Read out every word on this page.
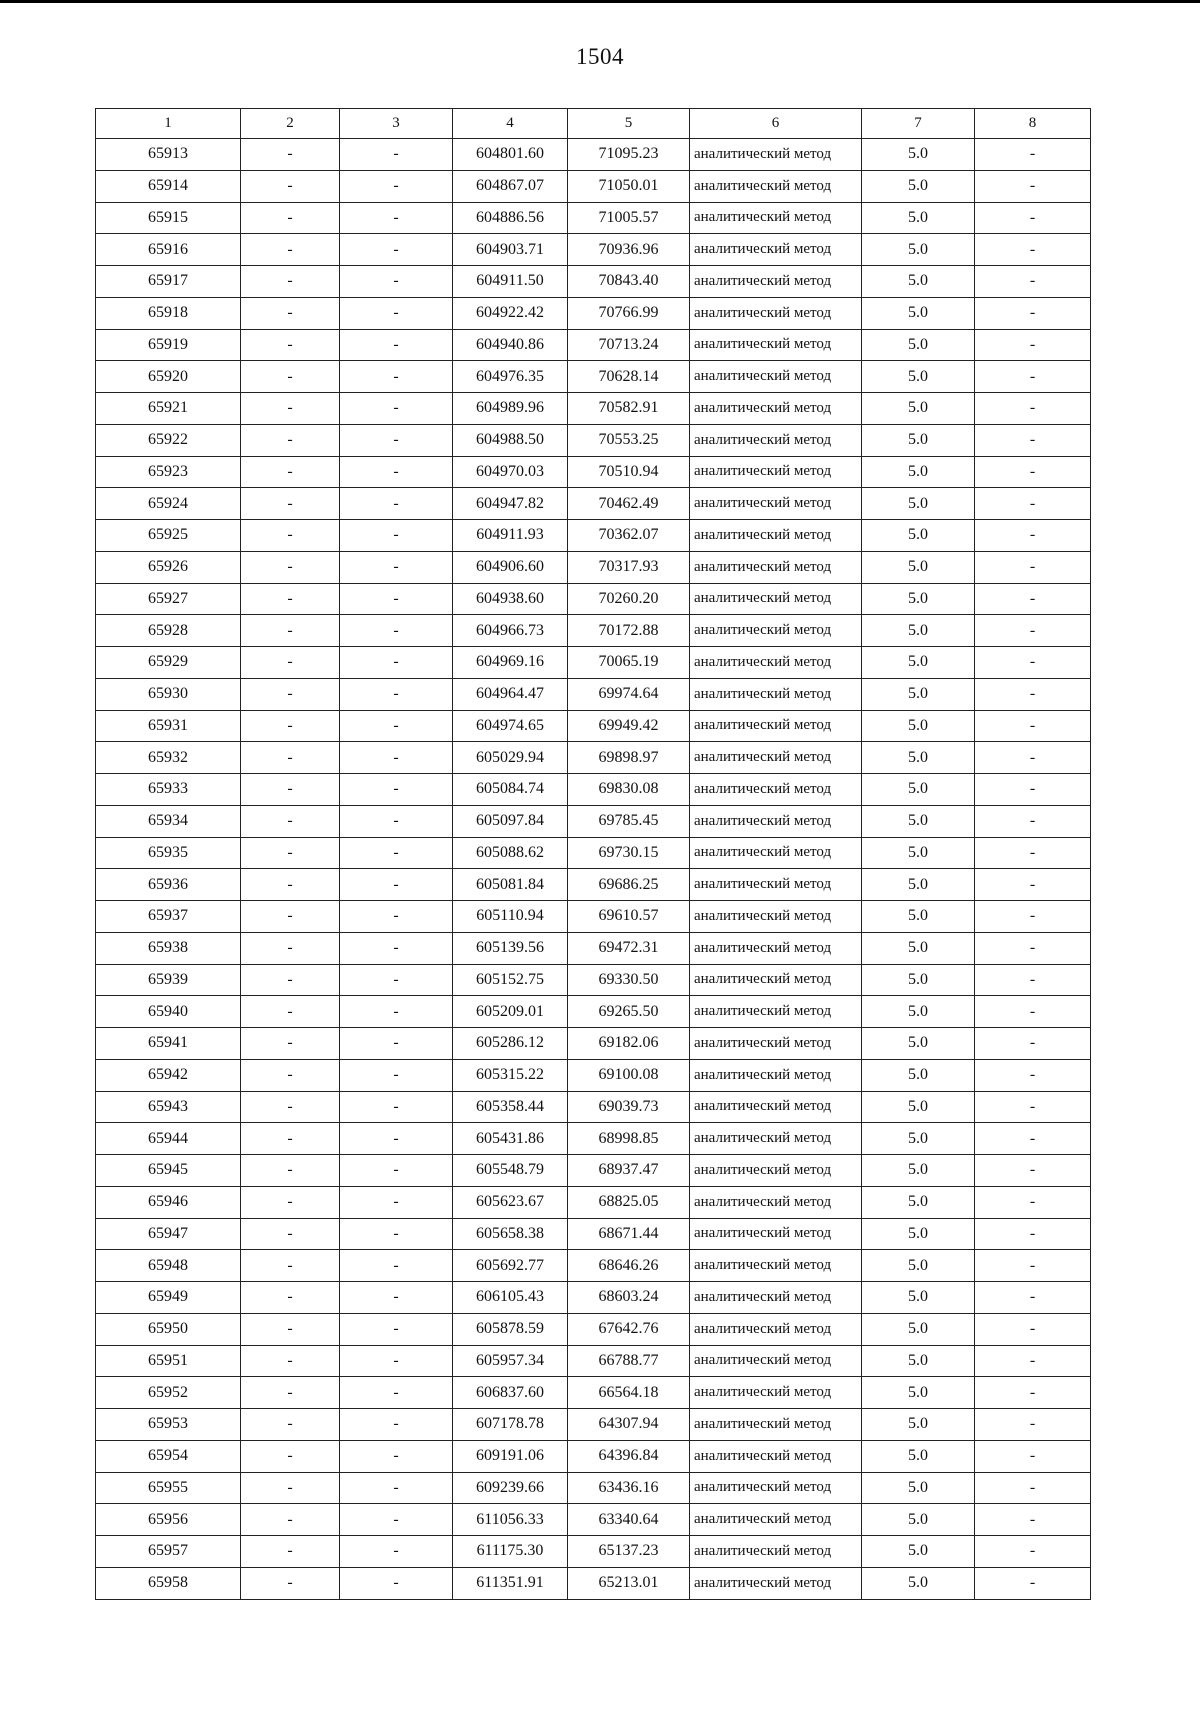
1504
1	2	3	4	5	6	7	8
65913	-	-	604801.60	71095.23	аналитический метод	5.0	-
65914	-	-	604867.07	71050.01	аналитический метод	5.0	-
65915	-	-	604886.56	71005.57	аналитический метод	5.0	-
65916	-	-	604903.71	70936.96	аналитический метод	5.0	-
65917	-	-	604911.50	70843.40	аналитический метод	5.0	-
65918	-	-	604922.42	70766.99	аналитический метод	5.0	-
65919	-	-	604940.86	70713.24	аналитический метод	5.0	-
65920	-	-	604976.35	70628.14	аналитический метод	5.0	-
65921	-	-	604989.96	70582.91	аналитический метод	5.0	-
65922	-	-	604988.50	70553.25	аналитический метод	5.0	-
65923	-	-	604970.03	70510.94	аналитический метод	5.0	-
65924	-	-	604947.82	70462.49	аналитический метод	5.0	-
65925	-	-	604911.93	70362.07	аналитический метод	5.0	-
65926	-	-	604906.60	70317.93	аналитический метод	5.0	-
65927	-	-	604938.60	70260.20	аналитический метод	5.0	-
65928	-	-	604966.73	70172.88	аналитический метод	5.0	-
65929	-	-	604969.16	70065.19	аналитический метод	5.0	-
65930	-	-	604964.47	69974.64	аналитический метод	5.0	-
65931	-	-	604974.65	69949.42	аналитический метод	5.0	-
65932	-	-	605029.94	69898.97	аналитический метод	5.0	-
65933	-	-	605084.74	69830.08	аналитический метод	5.0	-
65934	-	-	605097.84	69785.45	аналитический метод	5.0	-
65935	-	-	605088.62	69730.15	аналитический метод	5.0	-
65936	-	-	605081.84	69686.25	аналитический метод	5.0	-
65937	-	-	605110.94	69610.57	аналитический метод	5.0	-
65938	-	-	605139.56	69472.31	аналитический метод	5.0	-
65939	-	-	605152.75	69330.50	аналитический метод	5.0	-
65940	-	-	605209.01	69265.50	аналитический метод	5.0	-
65941	-	-	605286.12	69182.06	аналитический метод	5.0	-
65942	-	-	605315.22	69100.08	аналитический метод	5.0	-
65943	-	-	605358.44	69039.73	аналитический метод	5.0	-
65944	-	-	605431.86	68998.85	аналитический метод	5.0	-
65945	-	-	605548.79	68937.47	аналитический метод	5.0	-
65946	-	-	605623.67	68825.05	аналитический метод	5.0	-
65947	-	-	605658.38	68671.44	аналитический метод	5.0	-
65948	-	-	605692.77	68646.26	аналитический метод	5.0	-
65949	-	-	606105.43	68603.24	аналитический метод	5.0	-
65950	-	-	605878.59	67642.76	аналитический метод	5.0	-
65951	-	-	605957.34	66788.77	аналитический метод	5.0	-
65952	-	-	606837.60	66564.18	аналитический метод	5.0	-
65953	-	-	607178.78	64307.94	аналитический метод	5.0	-
65954	-	-	609191.06	64396.84	аналитический метод	5.0	-
65955	-	-	609239.66	63436.16	аналитический метод	5.0	-
65956	-	-	611056.33	63340.64	аналитический метод	5.0	-
65957	-	-	611175.30	65137.23	аналитический метод	5.0	-
65958	-	-	611351.91	65213.01	аналитический метод	5.0	-
